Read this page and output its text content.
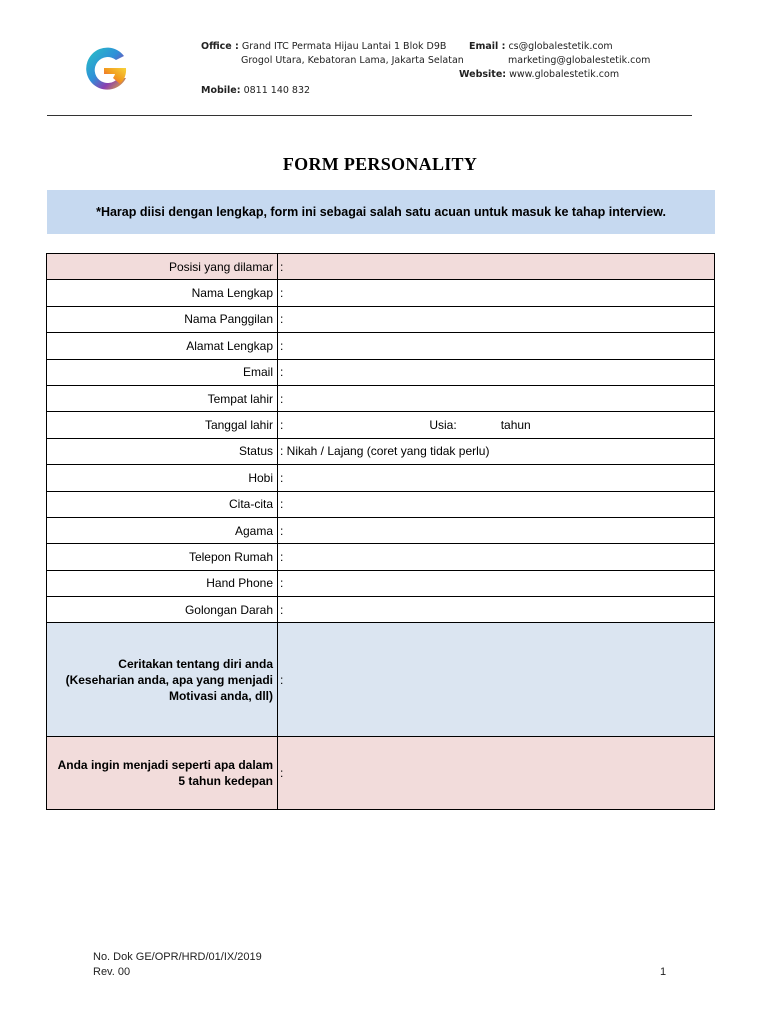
Office : Grand ITC Permata Hijau Lantai 1 Blok D9B
Grogol Utara, Kebatoran Lama, Jakarta Selatan
Mobile: 0811 140 832
Email : cs@globalestetik.com
marketing@globalestetik.com
Website: www.globalestetik.com
FORM PERSONALITY
*Harap diisi dengan lengkap, form ini sebagai salah satu acuan untuk masuk ke tahap interview.
Posisi yang dilamar	:
Nama Lengkap	:
Nama Panggilan	:
Alamat Lengkap	:
Email	:
Tempat lahir	:
Tanggal lahir	: Usia: tahun
Status	: Nikah / Lajang (coret yang tidak perlu)
Hobi	:
Cita-cita	:
Agama	:
Telepon Rumah	:
Hand Phone	:
Golongan Darah	:

Ceritakan tentang diri anda
(Keseharian anda, apa yang menjadi
Motivasi anda, dll)	:

Anda ingin menjadi seperti apa dalam
5 tahun kedepan	:
No. Dok GE/OPR/HRD/01/IX/2019
Rev. 00	1
